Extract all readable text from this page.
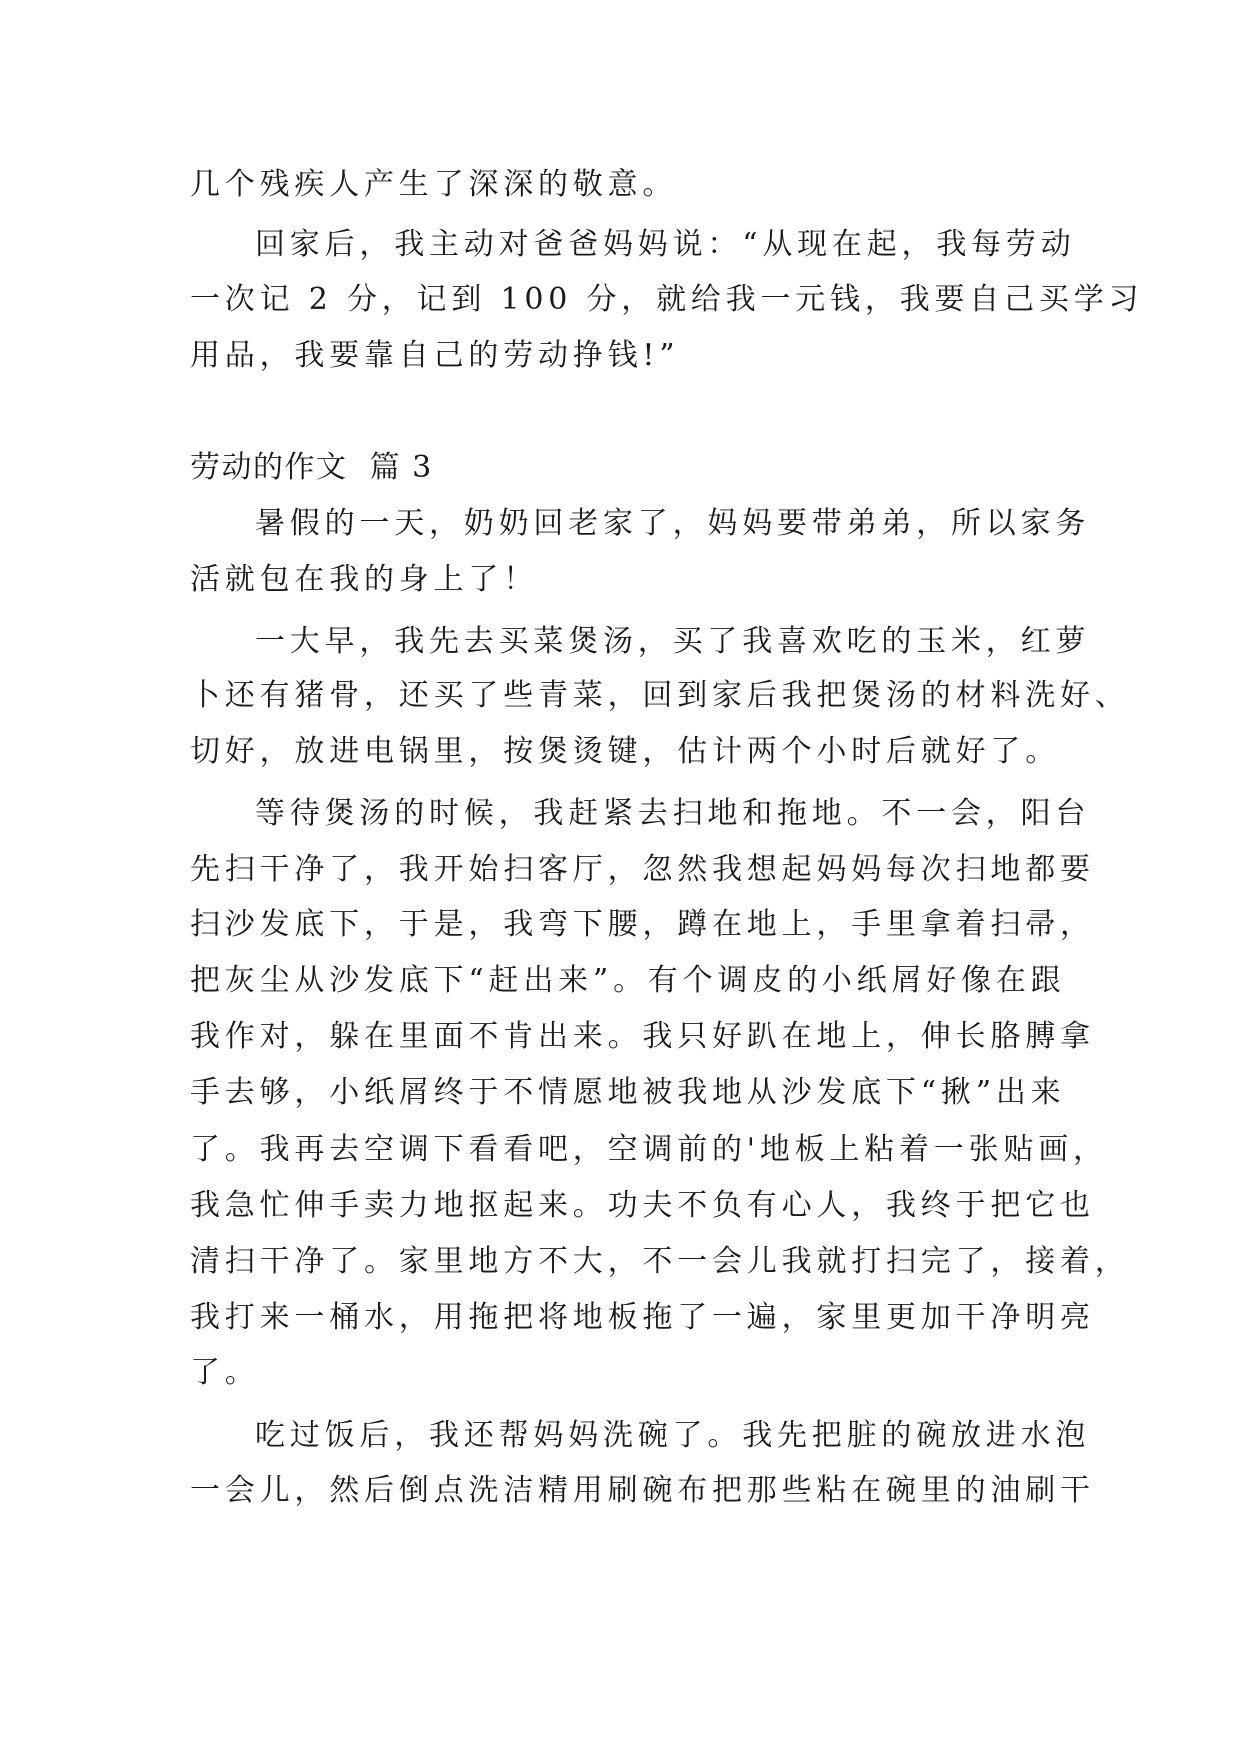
几个残疾人产生了深深的敬意。
回家后，我主动对爸爸妈妈说：“从现在起，我每劳动
一次记 2 分，记到 100 分，就给我一元钱，我要自己买学习
用品，我要靠自己的劳动挣钱!”
劳动的作文  篇 3
暑假的一天，奶奶回老家了，妈妈要带弟弟，所以家务
活就包在我的身上了！
一大早，我先去买菜煲汤，买了我喜欢吃的玉米，红萝
卜还有猪骨，还买了些青菜，回到家后我把煲汤的材料洗好、
切好，放进电锅里，按煲烫键，估计两个小时后就好了。
等待煲汤的时候，我赶紧去扫地和拖地。不一会，阳台
先扫干净了，我开始扫客厅，忽然我想起妈妈每次扫地都要
扫沙发底下，于是，我弯下腰，蹲在地上，手里拿着扫帚，
把灰尘从沙发底下“赶出来”。有个调皮的小纸屑好像在跟
我作对，躲在里面不肯出来。我只好趴在地上，伸长胳膊拿
手去够，小纸屑终于不情愿地被我地从沙发底下“揪”出来
了。我再去空调下看看吧，空调前的'地板上粘着一张贴画，
我急忙伸手卖力地抠起来。功夫不负有心人，我终于把它也
清扫干净了。家里地方不大，不一会儿我就打扫完了，接着，
我打来一桶水，用拖把将地板拖了一遍，家里更加干净明亮
了。
吃过饭后，我还帮妈妈洗碗了。我先把脏的碗放进水泡
一会儿，然后倒点洗洁精用刷碗布把那些粘在碗里的油刷干
